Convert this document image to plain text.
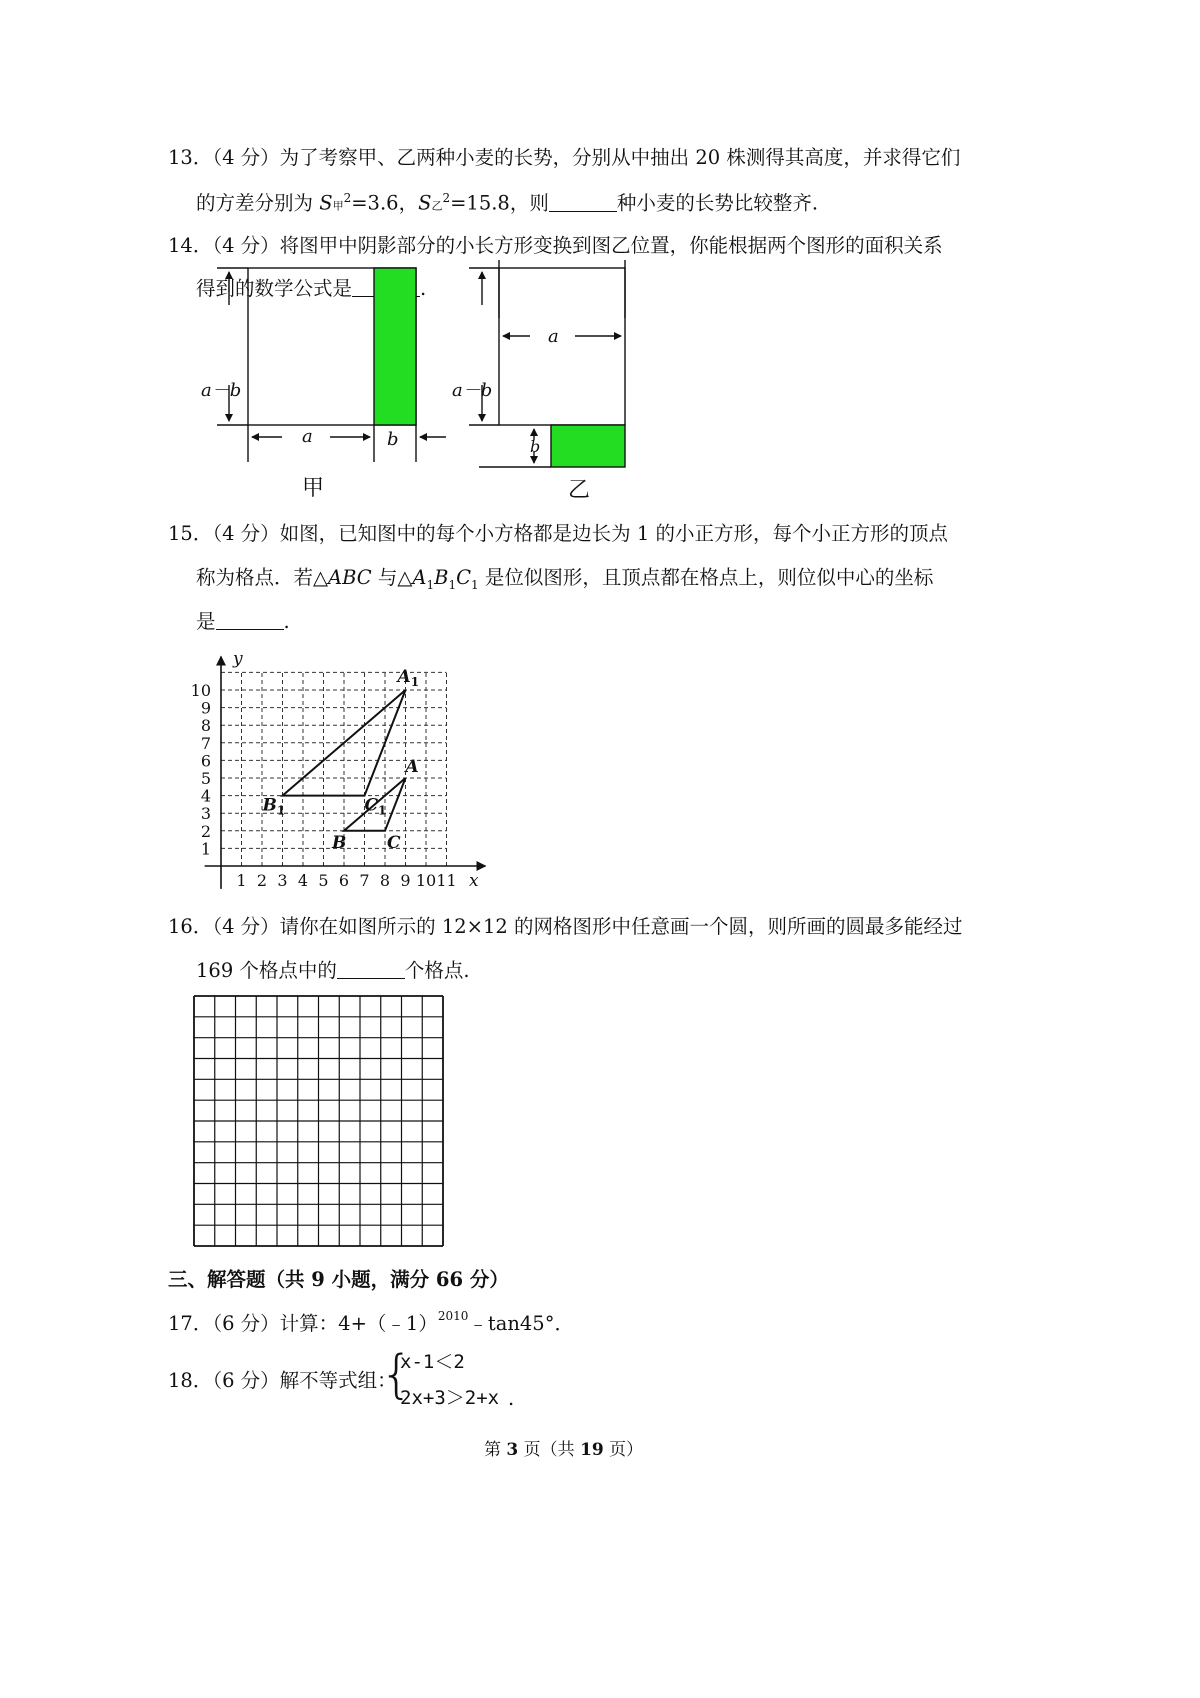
13．（4 分）为了考察甲、乙两种小麦的长势，分别从中抽出 20 株测得其高度，并求得它们
的方差分别为 S甲$^2$=3.6，S乙$^2$=15.8，则	种小麦的长势比较整齐.
14．（4 分）将图甲中阴影部分的小长方形变换到图乙位置，你能根据两个图形的面积关系
得到的数学公式是	.
a－b
a	b
甲
a－b
a
b
乙
15．（4 分）如图，已知图中的每个小方格都是边长为 1 的小正方形，每个小正方形的顶点
称为格点．若△ABC 与$\triangle A_1B_1C_1$ 是位似图形，且顶点都在格点上，则位似中心的坐标
是	.
1 2 3 4 5 6 7 8 9 10 11
1
2
3
4
5
6
7
8
9
10
y
x
$A_1$
$B_1$	$C_1$
A
B C
16．（4 分）请你在如图所示的 12×12 的网格图形中任意画一个圆，则所画的圆最多能经过
169 个格点中的	个格点.
三、解答题（共 9 小题，满分 66 分）
17．（6 分）计算：4+（﹣1）$^{2010}$﹣tan45°．
18．（6 分）解不等式组：
{
x-1＜2
2x+3＞2+x .
第 3 页（共 19 页）
